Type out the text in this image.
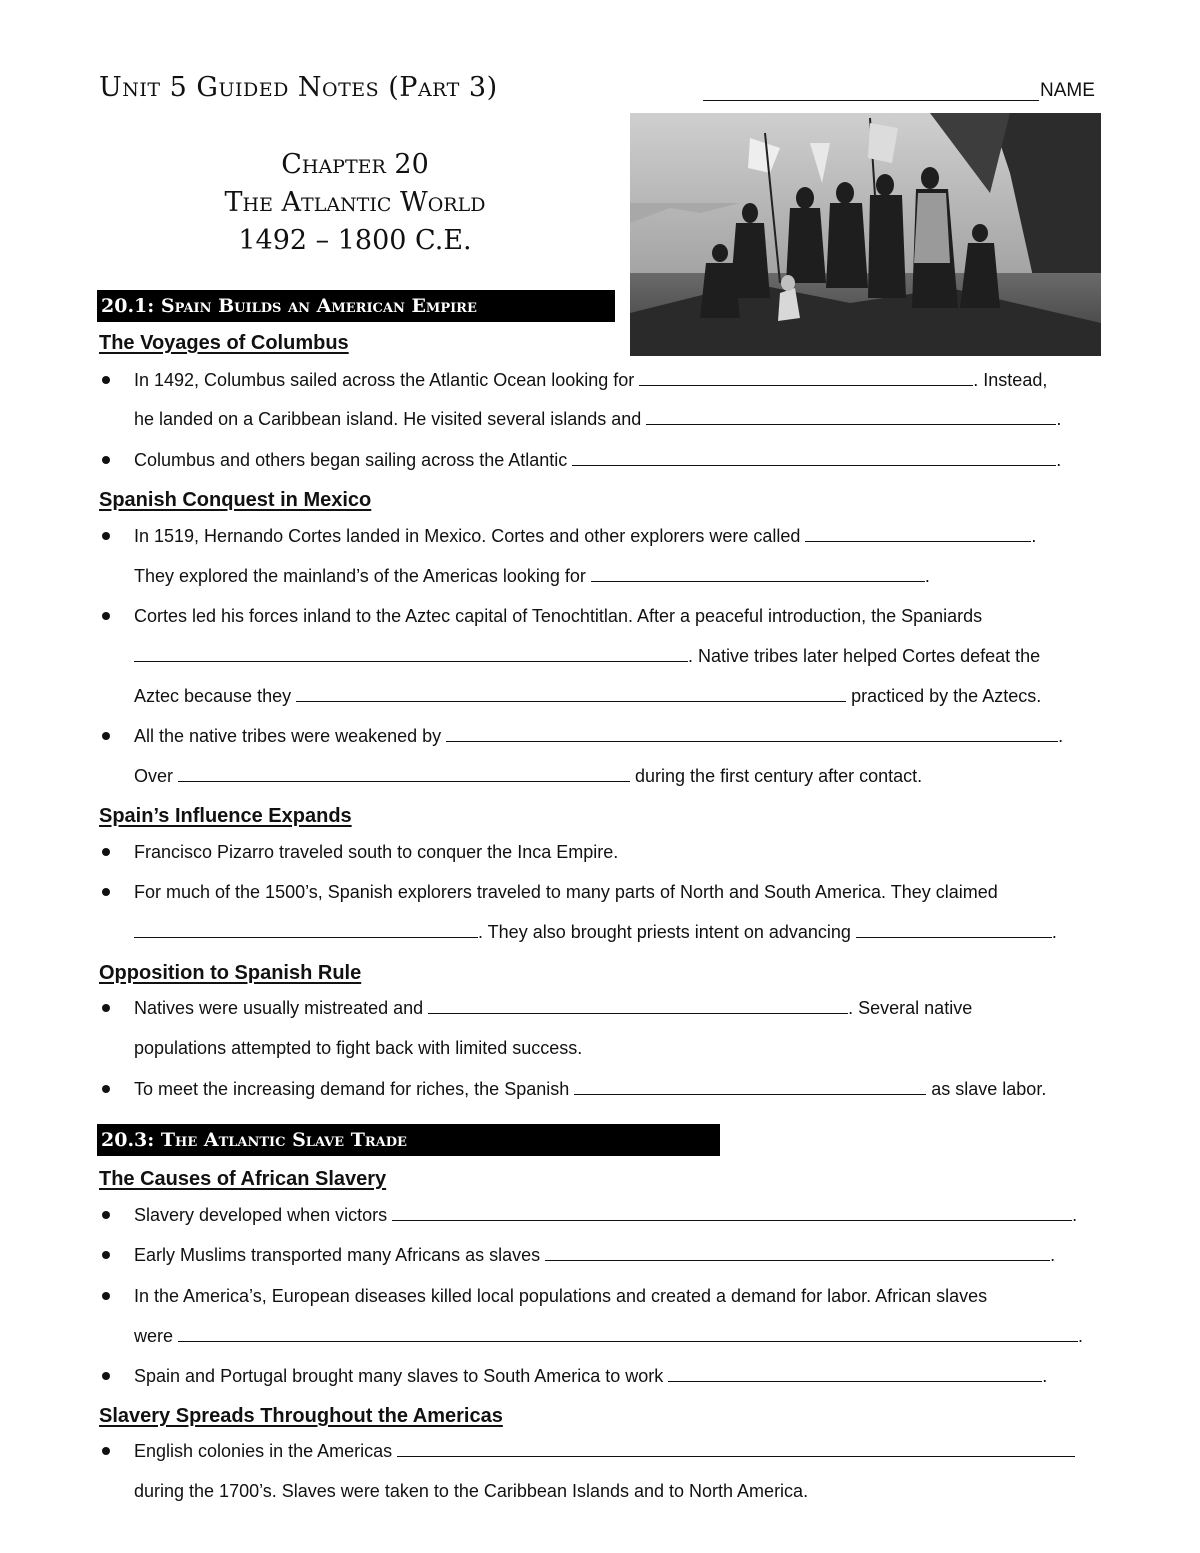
Unit 5 Guided Notes (Part 3)	NAME
Chapter 20
The Atlantic World
1492 – 1800 C.E.
20.1: Spain Builds an American Empire
The Voyages of Columbus
In 1492, Columbus sailed across the Atlantic Ocean looking for	. Instead,
he landed on a Caribbean island. He visited several islands and	.
Columbus and others began sailing across the Atlantic	.
Spanish Conquest in Mexico
In 1519, Hernando Cortes landed in Mexico. Cortes and other explorers were called	.
They explored the mainland’s of the Americas looking for	.
Cortes led his forces inland to the Aztec capital of Tenochtitlan. After a peaceful introduction, the Spaniards
. Native tribes later helped Cortes defeat the
Aztec because they	practiced by the Aztecs.
All the native tribes were weakened by	.
Over	during the first century after contact.
Spain’s Influence Expands
Francisco Pizarro traveled south to conquer the Inca Empire.
For much of the 1500’s, Spanish explorers traveled to many parts of North and South America. They claimed
. They also brought priests intent on advancing	.
Opposition to Spanish Rule
Natives were usually mistreated and	. Several native
populations attempted to fight back with limited success.
To meet the increasing demand for riches, the Spanish	as slave labor.
20.3: The Atlantic Slave Trade
The Causes of African Slavery
Slavery developed when victors	.
Early Muslims transported many Africans as slaves	.
In the America’s, European diseases killed local populations and created a demand for labor. African slaves
were	.
Spain and Portugal brought many slaves to South America to work	.
Slavery Spreads Throughout the Americas
English colonies in the Americas
during the 1700’s. Slaves were taken to the Caribbean Islands and to North America.
